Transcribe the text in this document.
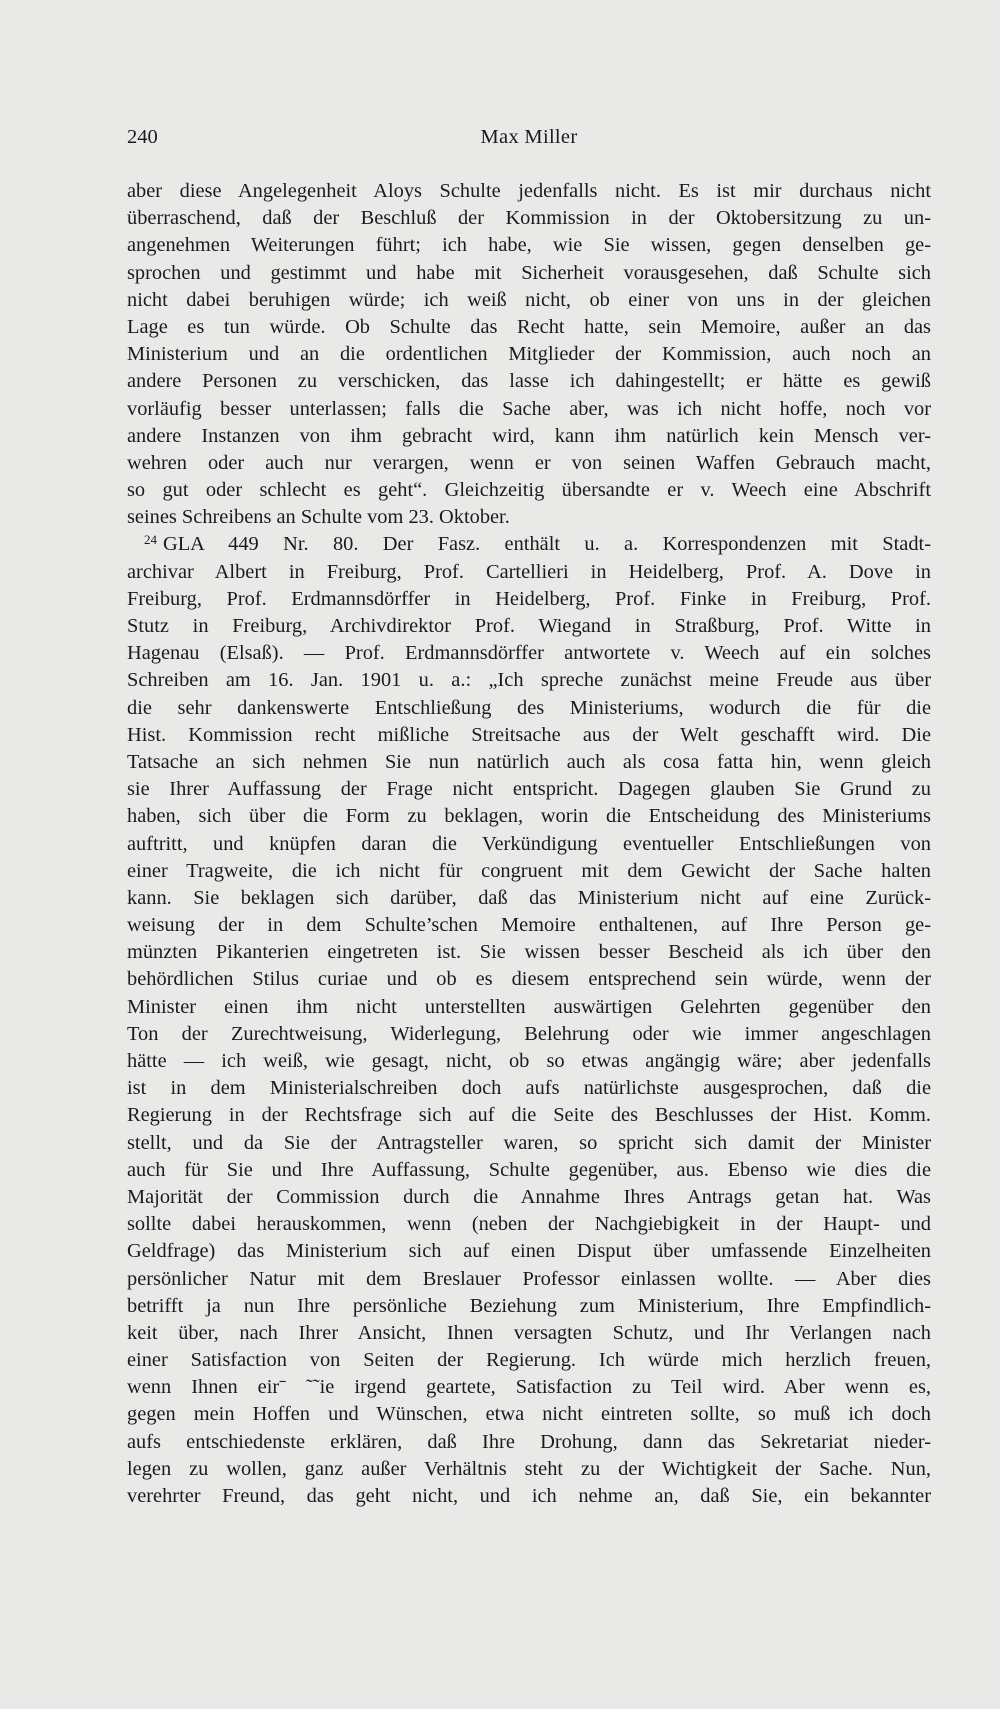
240	Max Miller
aber diese Angelegenheit Aloys Schulte jedenfalls nicht. Es ist mir durchaus nicht
überraschend, daß der Beschluß der Kommission in der Oktobersitzung zu un-
angenehmen Weiterungen führt; ich habe, wie Sie wissen, gegen denselben ge-
sprochen und gestimmt und habe mit Sicherheit vorausgesehen, daß Schulte sich
nicht dabei beruhigen würde; ich weiß nicht, ob einer von uns in der gleichen
Lage es tun würde. Ob Schulte das Recht hatte, sein Memoire, außer an das
Ministerium und an die ordentlichen Mitglieder der Kommission, auch noch an
andere Personen zu verschicken, das lasse ich dahingestellt; er hätte es gewiß
vorläufig besser unterlassen; falls die Sache aber, was ich nicht hoffe, noch vor
andere Instanzen von ihm gebracht wird, kann ihm natürlich kein Mensch ver-
wehren oder auch nur verargen, wenn er von seinen Waffen Gebrauch macht,
so gut oder schlecht es geht“. Gleichzeitig übersandte er v. Weech eine Abschrift
seines Schreibens an Schulte vom 23. Oktober.
$^{24}$ GLA 449 Nr. 80. Der Fasz. enthält u. a. Korrespondenzen mit Stadt-
archivar Albert in Freiburg, Prof. Cartellieri in Heidelberg, Prof. A. Dove in
Freiburg, Prof. Erdmannsdörffer in Heidelberg, Prof. Finke in Freiburg, Prof.
Stutz in Freiburg, Archivdirektor Prof. Wiegand in Straßburg, Prof. Witte in
Hagenau (Elsaß). — Prof. Erdmannsdörffer antwortete v. Weech auf ein solches
Schreiben am 16. Jan. 1901 u. a.: „Ich spreche zunächst meine Freude aus über
die sehr dankenswerte Entschließung des Ministeriums, wodurch die für die
Hist. Kommission recht mißliche Streitsache aus der Welt geschafft wird. Die
Tatsache an sich nehmen Sie nun natürlich auch als cosa fatta hin, wenn gleich
sie Ihrer Auffassung der Frage nicht entspricht. Dagegen glauben Sie Grund zu
haben, sich über die Form zu beklagen, worin die Entscheidung des Ministeriums
auftritt, und knüpfen daran die Verkündigung eventueller Entschließungen von
einer Tragweite, die ich nicht für congruent mit dem Gewicht der Sache halten
kann. Sie beklagen sich darüber, daß das Ministerium nicht auf eine Zurück-
weisung der in dem Schulte’schen Memoire enthaltenen, auf Ihre Person ge-
münzten Pikanterien eingetreten ist. Sie wissen besser Bescheid als ich über den
behördlichen Stilus curiae und ob es diesem entsprechend sein würde, wenn der
Minister einen ihm nicht unterstellten auswärtigen Gelehrten gegenüber den
Ton der Zurechtweisung, Widerlegung, Belehrung oder wie immer angeschlagen
hätte — ich weiß, wie gesagt, nicht, ob so etwas angängig wäre; aber jedenfalls
ist in dem Ministerialschreiben doch aufs natürlichste ausgesprochen, daß die
Regierung in der Rechtsfrage sich auf die Seite des Beschlusses der Hist. Komm.
stellt, und da Sie der Antragsteller waren, so spricht sich damit der Minister
auch für Sie und Ihre Auffassung, Schulte gegenüber, aus. Ebenso wie dies die
Majorität der Commission durch die Annahme Ihres Antrags getan hat. Was
sollte dabei herauskommen, wenn (neben der Nachgiebigkeit in der Haupt- und
Geldfrage) das Ministerium sich auf einen Disput über umfassende Einzelheiten
persönlicher Natur mit dem Breslauer Professor einlassen wollte. — Aber dies
betrifft ja nun Ihre persönliche Beziehung zum Ministerium, Ihre Empfindlich-
keit über, nach Ihrer Ansicht, Ihnen versagten Schutz, und Ihr Verlangen nach
einer Satisfaction von Seiten der Regierung. Ich würde mich herzlich freuen,
wenn Ihnen eirˉ ˜˜ie irgend geartete, Satisfaction zu Teil wird. Aber wenn es,
gegen mein Hoffen und Wünschen, etwa nicht eintreten sollte, so muß ich doch
aufs entschiedenste erklären, daß Ihre Drohung, dann das Sekretariat nieder-
legen zu wollen, ganz außer Verhältnis steht zu der Wichtigkeit der Sache. Nun,
verehrter Freund, das geht nicht, und ich nehme an, daß Sie, ein bekannter
